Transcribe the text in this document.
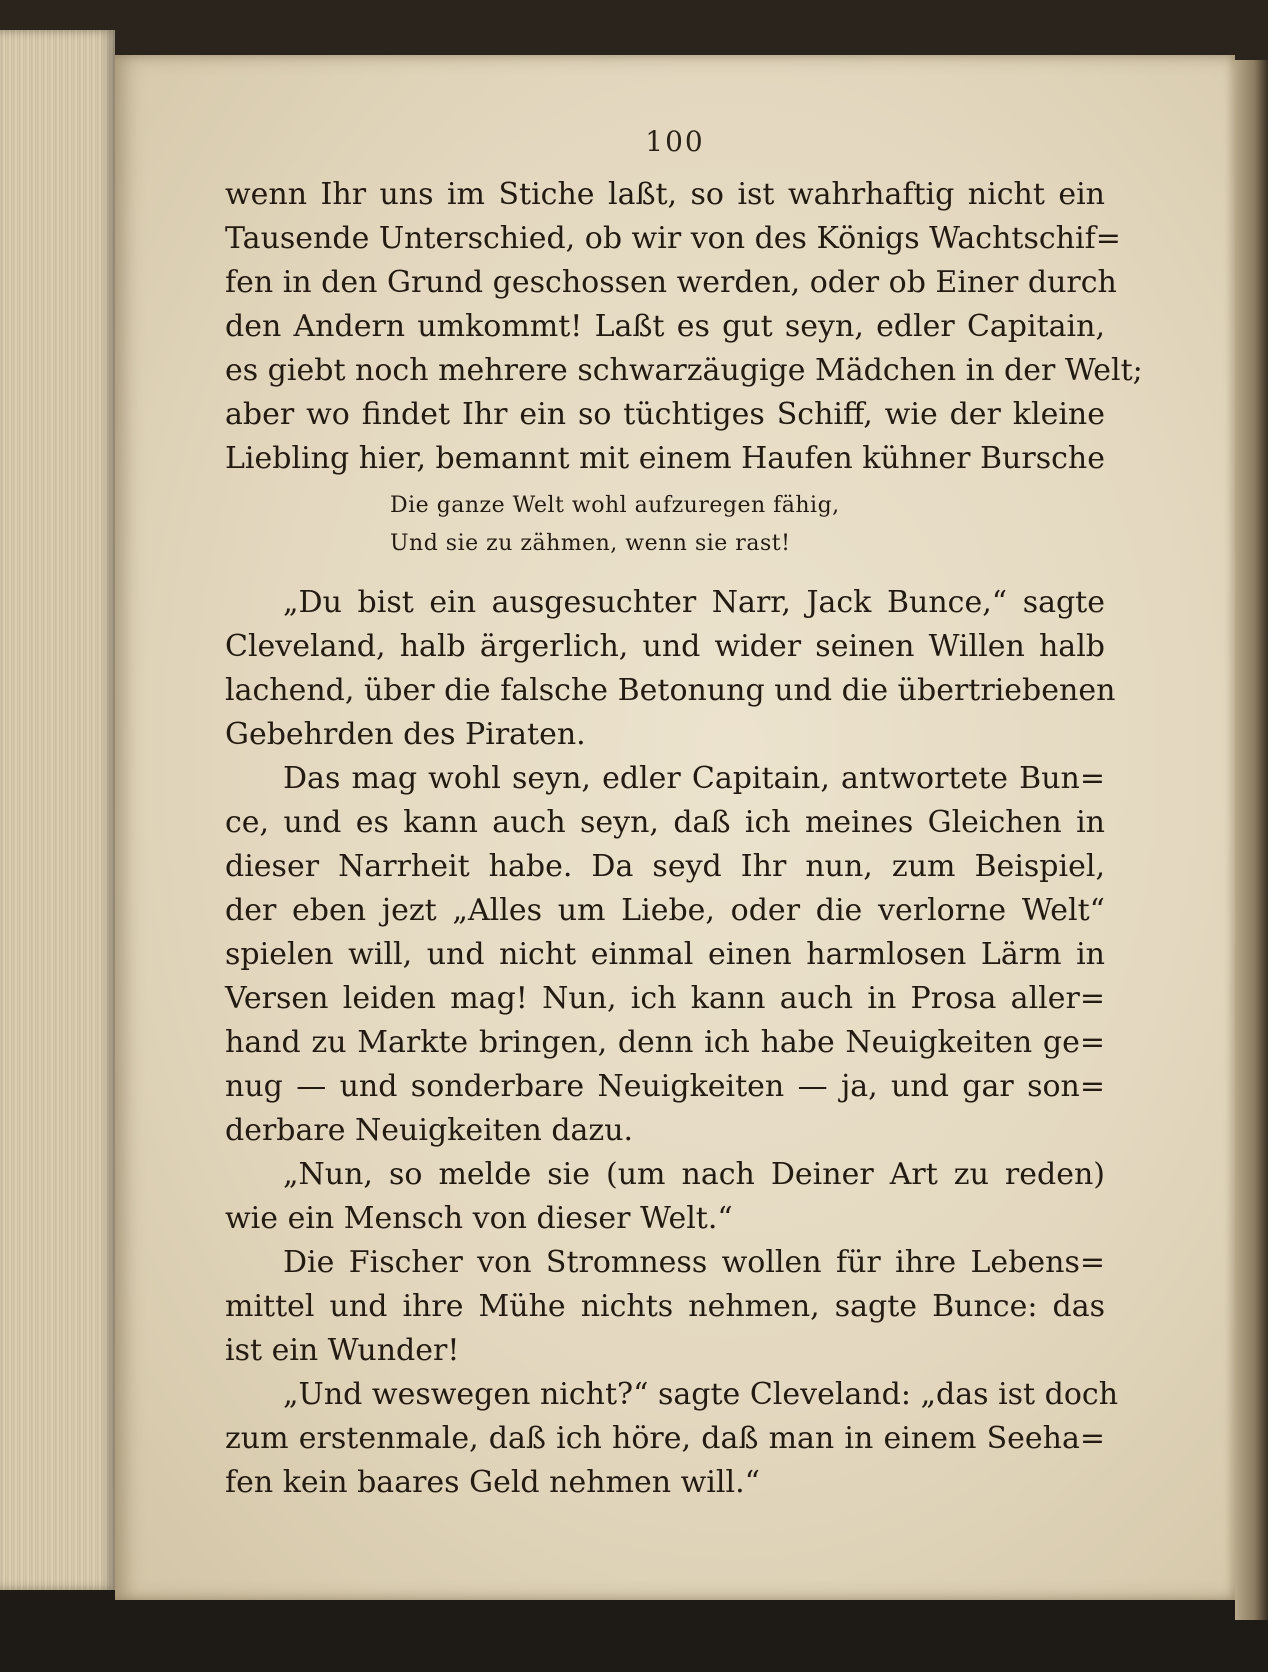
100
wenn Ihr uns im Stiche laßt, so ist wahrhaftig nicht ein
Tausende Unterschied, ob wir von des Königs Wachtschif=
fen in den Grund geschossen werden, oder ob Einer durch
den Andern umkommt! Laßt es gut seyn, edler Capitain,
es giebt noch mehrere schwarzäugige Mädchen in der Welt;
aber wo findet Ihr ein so tüchtiges Schiff, wie der kleine
Liebling hier, bemannt mit einem Haufen kühner Bursche
Die ganze Welt wohl aufzuregen fähig,
Und sie zu zähmen, wenn sie rast!
„Du bist ein ausgesuchter Narr, Jack Bunce,“ sagte
Cleveland, halb ärgerlich, und wider seinen Willen halb
lachend, über die falsche Betonung und die übertriebenen
Gebehrden des Piraten.
Das mag wohl seyn, edler Capitain, antwortete Bun=
ce, und es kann auch seyn, daß ich meines Gleichen in
dieser Narrheit habe. Da seyd Ihr nun, zum Beispiel,
der eben jezt „Alles um Liebe, oder die verlorne Welt“
spielen will, und nicht einmal einen harmlosen Lärm in
Versen leiden mag! Nun, ich kann auch in Prosa aller=
hand zu Markte bringen, denn ich habe Neuigkeiten ge=
nug — und sonderbare Neuigkeiten — ja, und gar son=
derbare Neuigkeiten dazu.
„Nun, so melde sie (um nach Deiner Art zu reden)
wie ein Mensch von dieser Welt.“
Die Fischer von Stromness wollen für ihre Lebens=
mittel und ihre Mühe nichts nehmen, sagte Bunce: das
ist ein Wunder!
„Und weswegen nicht?“ sagte Cleveland: „das ist doch
zum erstenmale, daß ich höre, daß man in einem Seeha=
fen kein baares Geld nehmen will.“
